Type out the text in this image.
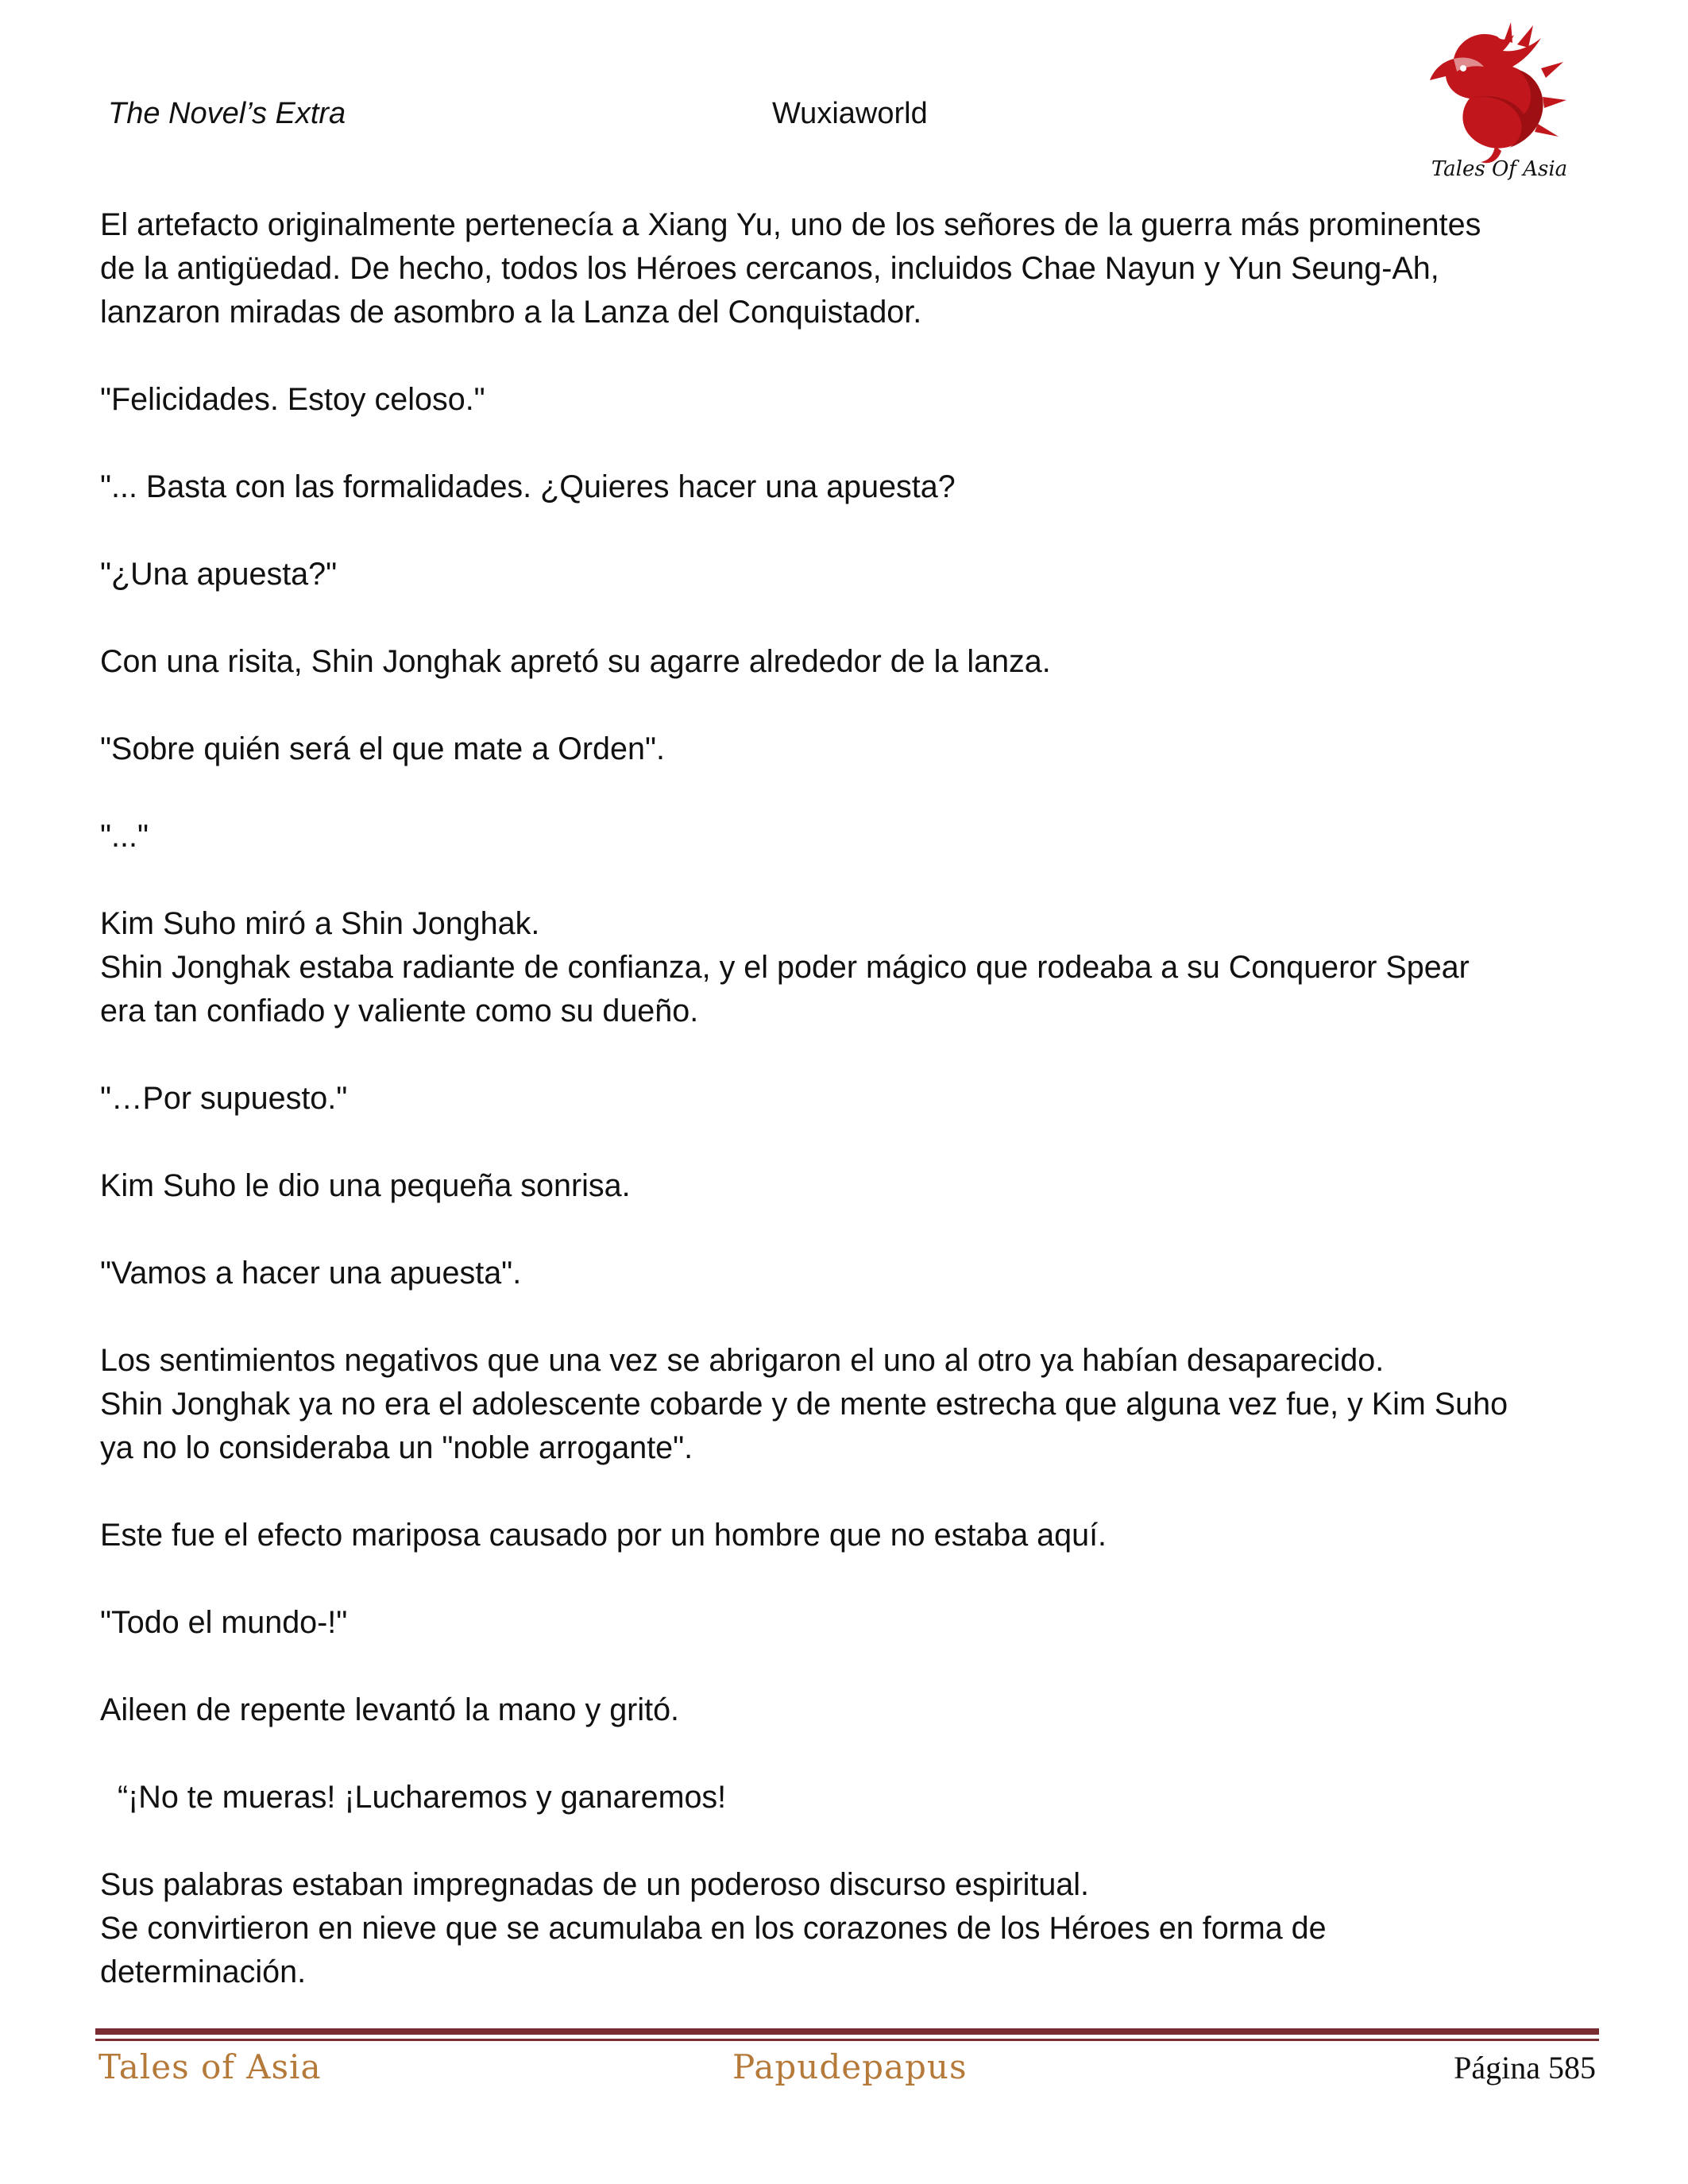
The Novel’s Extra	Wuxiaworld
Tales Of Asia

El artefacto originalmente pertenecía a Xiang Yu, uno de los señores de la guerra más prominentes
de la antigüedad. De hecho, todos los Héroes cercanos, incluidos Chae Nayun y Yun Seung-Ah,
lanzaron miradas de asombro a la Lanza del Conquistador.

"Felicidades. Estoy celoso."

"... Basta con las formalidades. ¿Quieres hacer una apuesta?

"¿Una apuesta?"

Con una risita, Shin Jonghak apretó su agarre alrededor de la lanza.

"Sobre quién será el que mate a Orden".

"..."

Kim Suho miró a Shin Jonghak.
Shin Jonghak estaba radiante de confianza, y el poder mágico que rodeaba a su Conqueror Spear
era tan confiado y valiente como su dueño.

"…Por supuesto."

Kim Suho le dio una pequeña sonrisa.

"Vamos a hacer una apuesta".

Los sentimientos negativos que una vez se abrigaron el uno al otro ya habían desaparecido.
Shin Jonghak ya no era el adolescente cobarde y de mente estrecha que alguna vez fue, y Kim Suho
ya no lo consideraba un "noble arrogante".

Este fue el efecto mariposa causado por un hombre que no estaba aquí.

"Todo el mundo-!"

Aileen de repente levantó la mano y gritó.

“¡No te mueras! ¡Lucharemos y ganaremos!

Sus palabras estaban impregnadas de un poderoso discurso espiritual.
Se convirtieron en nieve que se acumulaba en los corazones de los Héroes en forma de
determinación.

Tales of Asia	Papudepapus	Página 585
